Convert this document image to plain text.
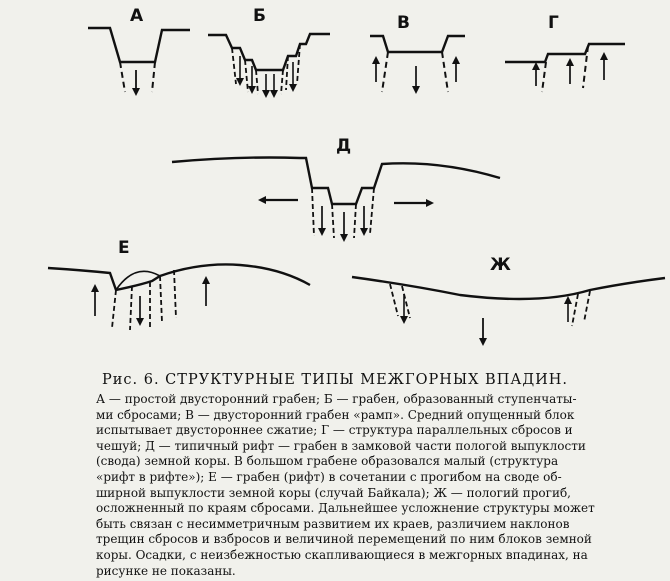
А	Б	В	Г
Д
Е
Ж
Рис. 6. СТРУКТУРНЫЕ ТИПЫ МЕЖГОРНЫХ ВПАДИН.

А — простой двусторонний грабен; Б — грабен, образованный ступенчаты-
ми сбросами; В — двусторонний грабен «рамп». Средний опущенный блок
испытывает двустороннее сжатие; Г — структура параллельных сбросов и
чешуй; Д — типичный рифт — грабен в замковой части пологой выпуклости
(свода) земной коры. В большом грабене образовался малый (структура
«рифт в рифте»); Е — грабен (рифт) в сочетании с прогибом на своде об-
ширной выпуклости земной коры (случай Байкала); Ж — пологий прогиб,
осложненный по краям сбросами. Дальнейшее усложнение структуры может
быть связан с несимметричным развитием их краев, различием наклонов
трещин сбросов и взбросов и величиной перемещений по ним блоков земной
коры. Осадки, с неизбежностью скапливающиеся в межгорных впадинах, на
рисунке не показаны.
